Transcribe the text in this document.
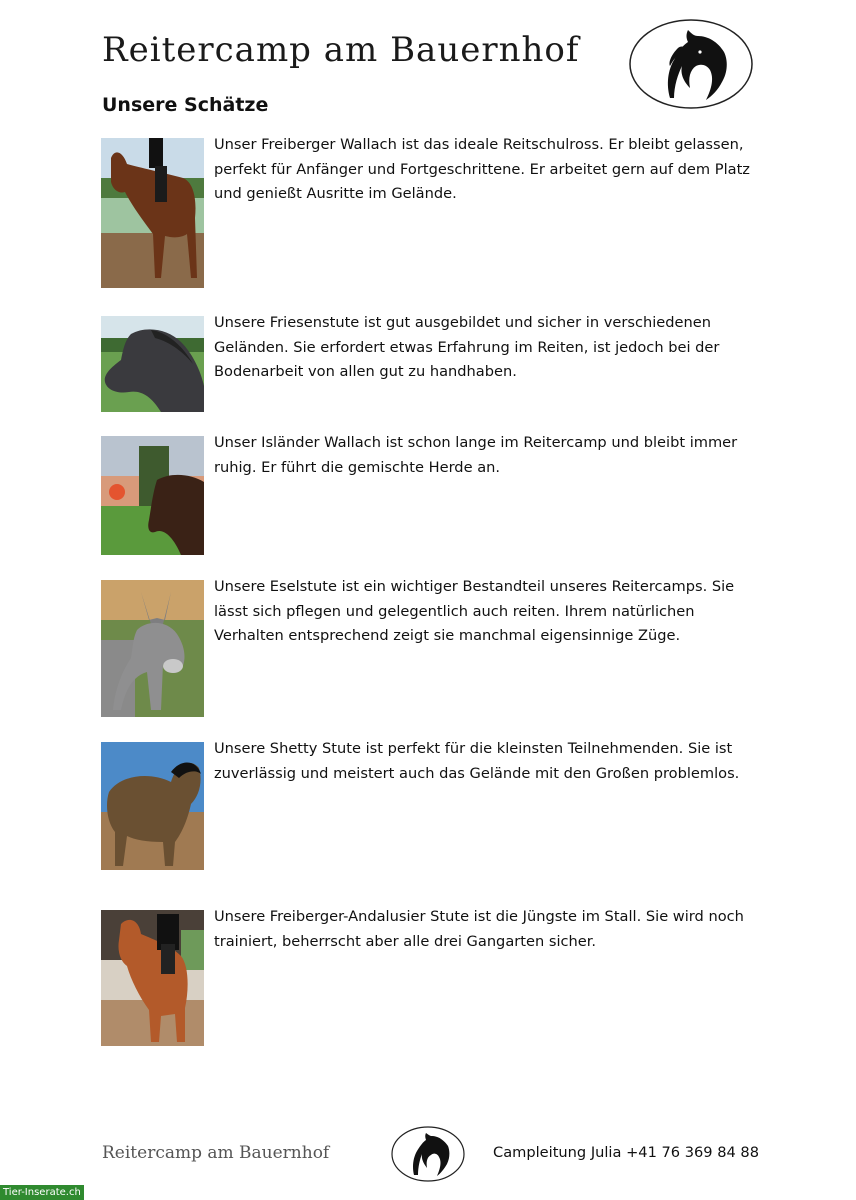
Reitercamp am Bauernhof
Unsere Schätze
Unser Freiberger Wallach ist das ideale Reitschulross. Er bleibt gelassen, perfekt für Anfänger und Fortgeschrittene. Er arbeitet gern auf dem Platz und genießt Ausritte im Gelände.
Unsere Friesenstute ist gut ausgebildet und sicher in verschiedenen Geländen. Sie erfordert etwas Erfahrung im Reiten, ist jedoch bei der Bodenarbeit von allen gut zu handhaben.
Unser Isländer Wallach ist schon lange im Reitercamp und bleibt immer ruhig. Er führt die gemischte Herde an.
Unsere Eselstute ist ein wichtiger Bestandteil unseres Reitercamps. Sie lässt sich pflegen und gelegentlich auch reiten. Ihrem natürlichen Verhalten entsprechend zeigt sie manchmal eigensinnige Züge.
Unsere Shetty Stute ist perfekt für die kleinsten Teilnehmenden. Sie ist zuverlässig und meistert auch das Gelände mit den Großen problemlos.
Unsere Freiberger-Andalusier Stute ist die Jüngste im Stall. Sie wird noch trainiert, beherrscht aber alle drei Gangarten sicher.
Reitercamp am Bauernhof	Campleitung Julia +41 76 369 84 88
Tier-Inserate.ch
